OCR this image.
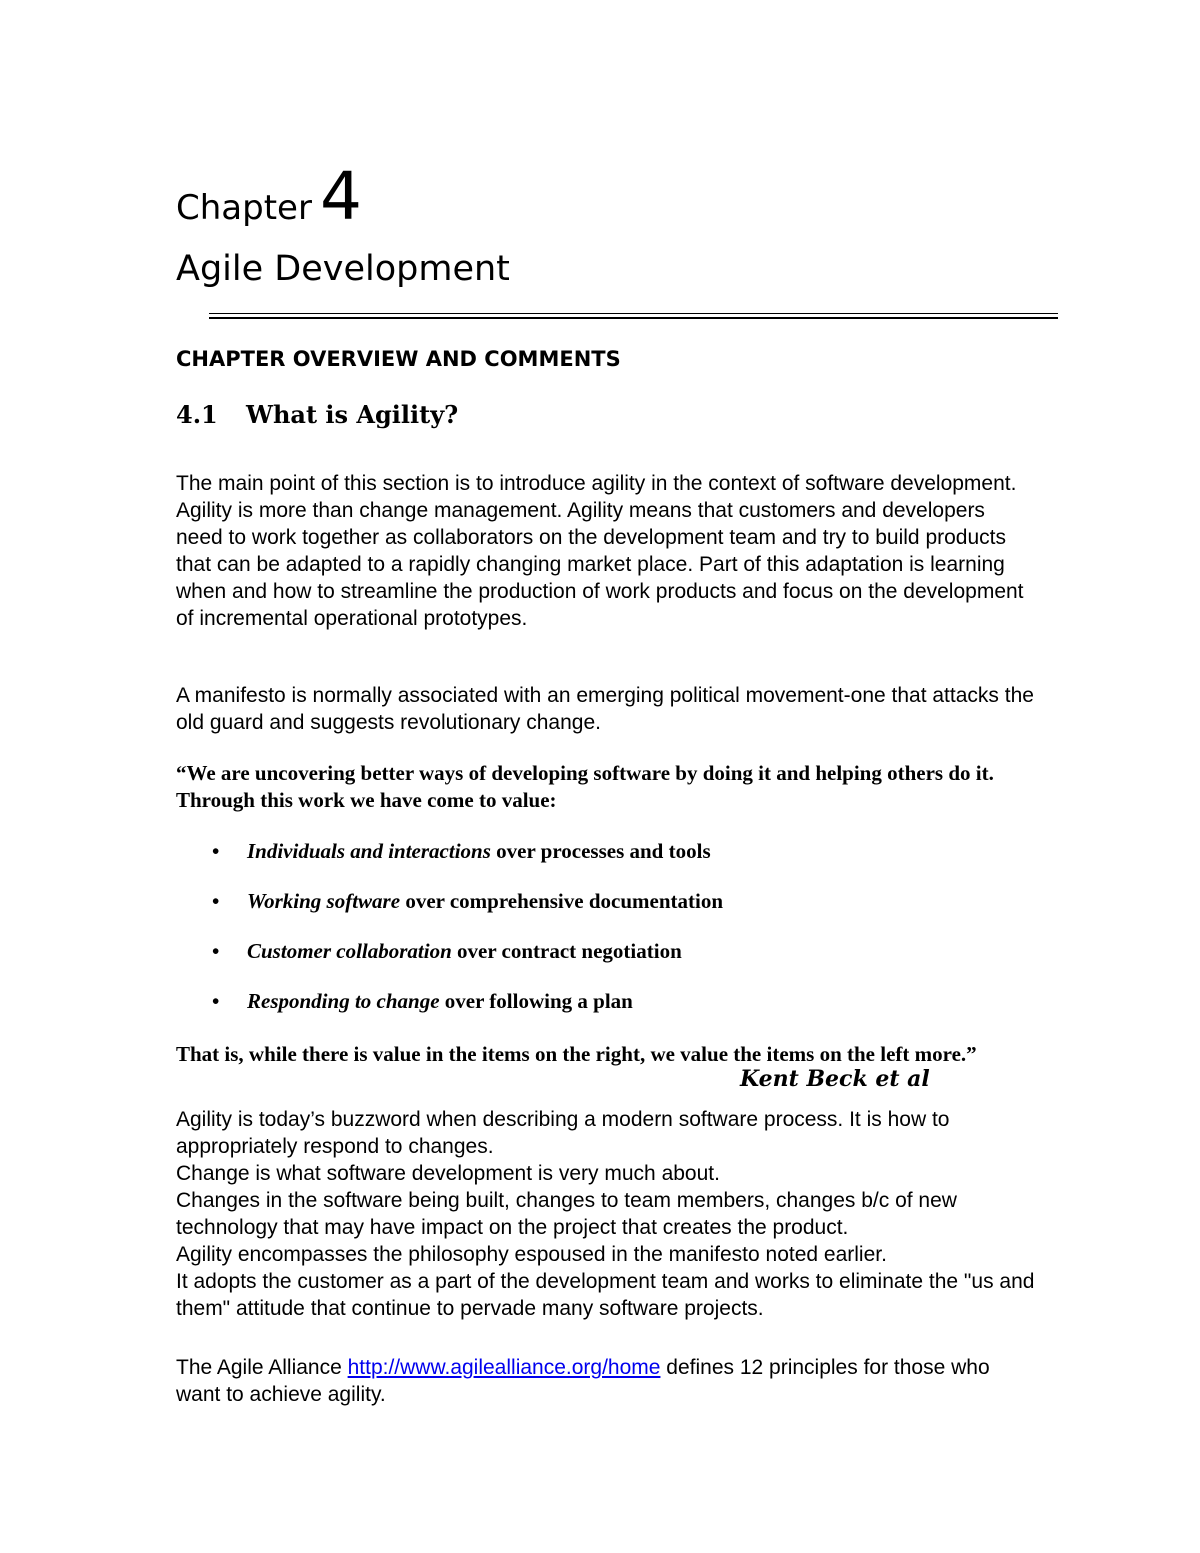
Chapter 4
Agile Development
CHAPTER OVERVIEW AND COMMENTS
4.1 What is Agility?

The main point of this section is to introduce agility in the context of software development. Agility is more than change management. Agility means that customers and developers need to work together as collaborators on the development team and try to build products that can be adapted to a rapidly changing market place. Part of this adaptation is learning when and how to streamline the production of work products and focus on the development of incremental operational prototypes.

A manifesto is normally associated with an emerging political movement-one that attacks the old guard and suggests revolutionary change.

“We are uncovering better ways of developing software by doing it and helping others do it. Through this work we have come to value:

• Individuals and interactions over processes and tools
• Working software over comprehensive documentation
• Customer collaboration over contract negotiation
• Responding to change over following a plan

That is, while there is value in the items on the right, we value the items on the left more.”

Kent Beck et al

Agility is today’s buzzword when describing a modern software process. It is how to appropriately respond to changes.
Change is what software development is very much about.
Changes in the software being built, changes to team members, changes b/c of new technology that may have impact on the project that creates the product.
Agility encompasses the philosophy espoused in the manifesto noted earlier.
It adopts the customer as a part of the development team and works to eliminate the "us and them" attitude that continue to pervade many software projects.

The Agile Alliance http://www.agilealliance.org/home defines 12 principles for those who want to achieve agility.
